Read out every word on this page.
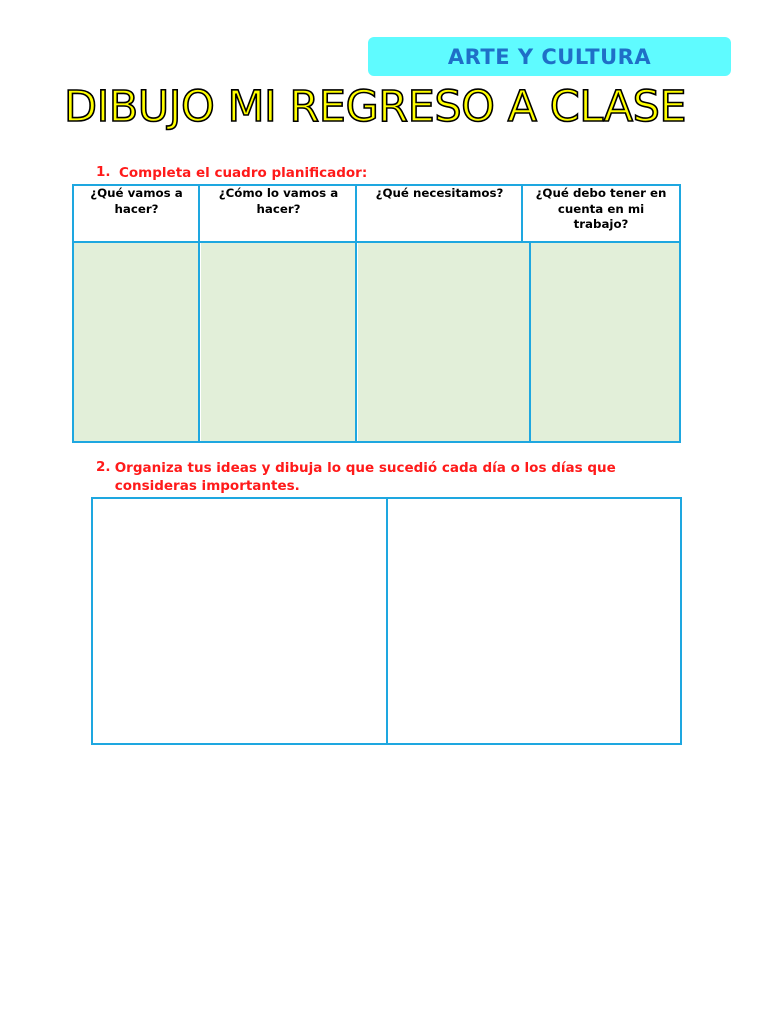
ARTE Y CULTURA
DIBUJO MI REGRESO A CLASE
1. Completa el cuadro planificador:
¿Qué vamos a hacer?
¿Cómo lo vamos a hacer?
¿Qué necesitamos?	¿Qué debo tener en cuenta en mi trabajo?
2. Organiza tus ideas y dibuja lo que sucedió cada día o los días que consideras importantes.
